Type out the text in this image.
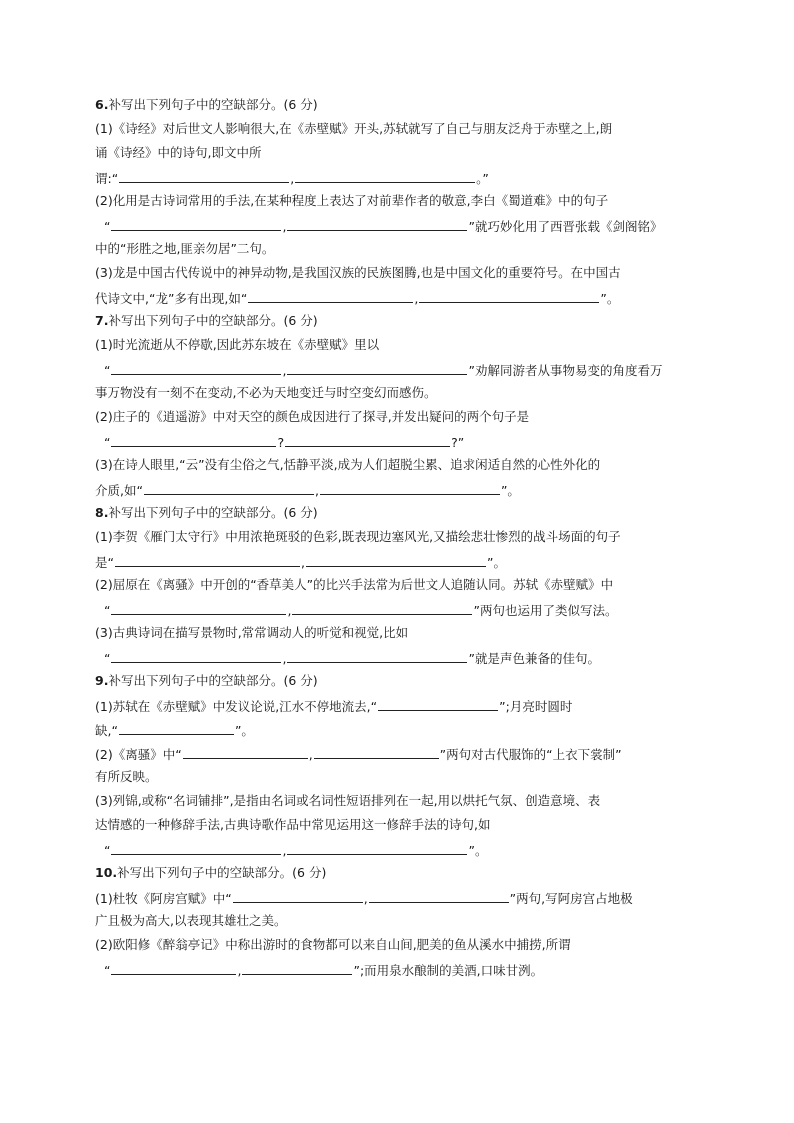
6.补写出下列句子中的空缺部分。(6 分)
(1)《诗经》对后世文人影响很大,在《赤壁赋》开头,苏轼就写了自己与朋友泛舟于赤壁之上,朗
诵《诗经》中的诗句,即文中所
谓:“	,	。”
(2)化用是古诗词常用的手法,在某种程度上表达了对前辈作者的敬意,李白《蜀道难》中的句子
“	,	”就巧妙化用了西晋张载《剑阁铭》
中的“形胜之地,匪亲勿居”二句。
(3)龙是中国古代传说中的神异动物,是我国汉族的民族图腾,也是中国文化的重要符号。在中国古
代诗文中,“龙”多有出现,如“	,	”。
7.补写出下列句子中的空缺部分。(6 分)
(1)时光流逝从不停歇,因此苏东坡在《赤壁赋》里以
“	,	”劝解同游者从事物易变的角度看万
事万物没有一刻不在变动,不必为天地变迁与时空变幻而感伤。
(2)庄子的《逍遥游》中对天空的颜色成因进行了探寻,并发出疑问的两个句子是
“	?	?”
(3)在诗人眼里,“云”没有尘俗之气,恬静平淡,成为人们超脱尘累、追求闲适自然的心性外化的
介质,如“	,	”。
8.补写出下列句子中的空缺部分。(6 分)
(1)李贺《雁门太守行》中用浓艳斑驳的色彩,既表现边塞风光,又描绘悲壮惨烈的战斗场面的句子
是“	,	”。
(2)屈原在《离骚》中开创的“香草美人”的比兴手法常为后世文人追随认同。苏轼《赤壁赋》中
“	,	”两句也运用了类似写法。
(3)古典诗词在描写景物时,常常调动人的听觉和视觉,比如
“	,	”就是声色兼备的佳句。
9.补写出下列句子中的空缺部分。(6 分)
(1)苏轼在《赤壁赋》中发议论说,江水不停地流去,“	”;月亮时圆时
缺,“	”。
(2)《离骚》中“	,	”两句对古代服饰的“上衣下裳制”
有所反映。
(3)列锦,或称“名词铺排”,是指由名词或名词性短语排列在一起,用以烘托气氛、创造意境、表
达情感的一种修辞手法,古典诗歌作品中常见运用这一修辞手法的诗句,如
“	,	”。
10.补写出下列句子中的空缺部分。(6 分)
(1)杜牧《阿房宫赋》中“	,	”两句,写阿房宫占地极
广且极为高大,以表现其雄壮之美。
(2)欧阳修《醉翁亭记》中称出游时的食物都可以来自山间,肥美的鱼从溪水中捕捞,所谓
“	,	”;而用泉水酿制的美酒,口味甘洌。
